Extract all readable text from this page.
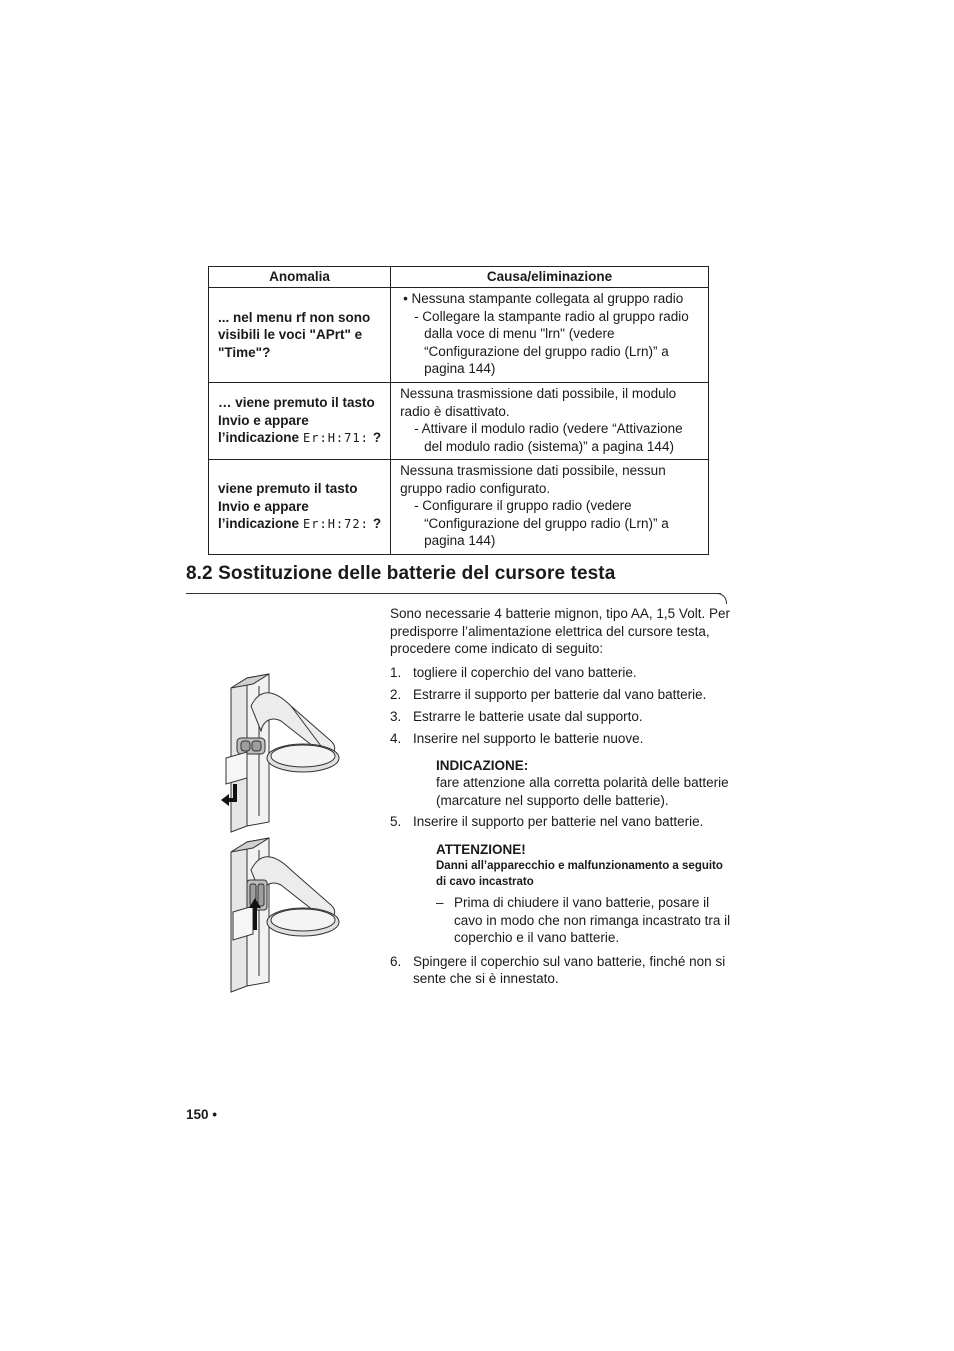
Anomalia	Causa/eliminazione
... nel menu rf non sono visibili le voci "APrt" e "Time"?	• Nessuna stampante collegata al gruppo radio
- Collegare la stampante radio al gruppo radio dalla voce di menu "lrn" (vedere “Configurazione del gruppo radio (Lrn)” a pagina 144)

… viene premuto il tasto Invio e appare l’indicazione Er:H:71: ?	Nessuna trasmissione dati possibile, il modulo radio è disattivato.
- Attivare il modulo radio (vedere “Attivazione del modulo radio (sistema)” a pagina 144)

viene premuto il tasto Invio e appare l’indicazione Er:H:72: ?	Nessuna trasmissione dati possibile, nessun gruppo radio configurato.
- Configurare il gruppo radio (vedere “Configurazione del gruppo radio (Lrn)” a pagina 144)
8.2 Sostituzione delle batterie del cursore testa

Sono necessarie 4 batterie mignon, tipo AA, 1,5 Volt. Per predisporre l’alimentazione elettrica del cursore testa, procedere come indicato di seguito:

1. togliere il coperchio del vano batterie.
2. Estrarre il supporto per batterie dal vano batterie.
3. Estrarre le batterie usate dal supporto.
4. Inserire nel supporto le batterie nuove.
INDICAZIONE:
fare attenzione alla corretta polarità delle batterie (marcature nel supporto delle batterie).
5. Inserire il supporto per batterie nel vano batterie.
ATTENZIONE!
Danni all’apparecchio e malfunzionamento a seguito di cavo incastrato
– Prima di chiudere il vano batterie, posare il cavo in modo che non rimanga incastrato tra il coperchio e il vano batterie.
6. Spingere il coperchio sul vano batterie, finché non si sente che si è innestato.
150 •
